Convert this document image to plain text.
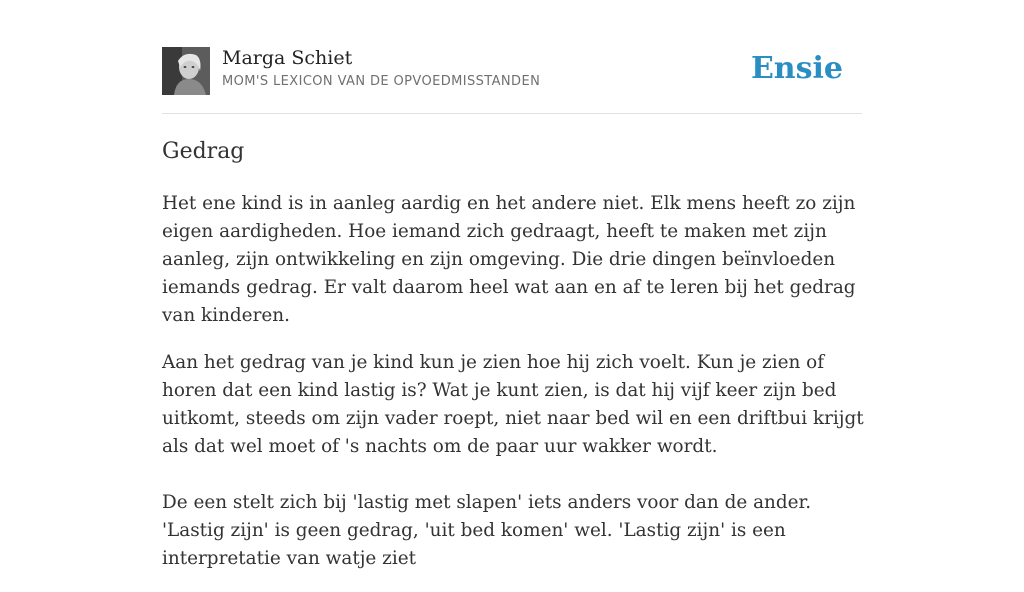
Marga Schiet
MOM'S LEXICON VAN DE OPVOEDMISSTANDEN	Ensie
Gedrag

Het ene kind is in aanleg aardig en het andere niet. Elk mens heeft zo zijn eigen aardigheden. Hoe iemand zich gedraagt, heeft te maken met zijn aanleg, zijn ontwikkeling en zijn omgeving. Die drie dingen beïnvloeden iemands gedrag. Er valt daarom heel wat aan en af te leren bij het gedrag van kinderen.

Aan het gedrag van je kind kun je zien hoe hij zich voelt. Kun je zien of horen dat een kind lastig is? Wat je kunt zien, is dat hij vijf keer zijn bed uitkomt, steeds om zijn vader roept, niet naar bed wil en een driftbui krijgt als dat wel moet of 's nachts om de paar uur wakker wordt.

De een stelt zich bij 'lastig met slapen' iets anders voor dan de ander. 'Lastig zijn' is geen gedrag, 'uit bed komen' wel. 'Lastig zijn' is een interpretatie van watje ziet
